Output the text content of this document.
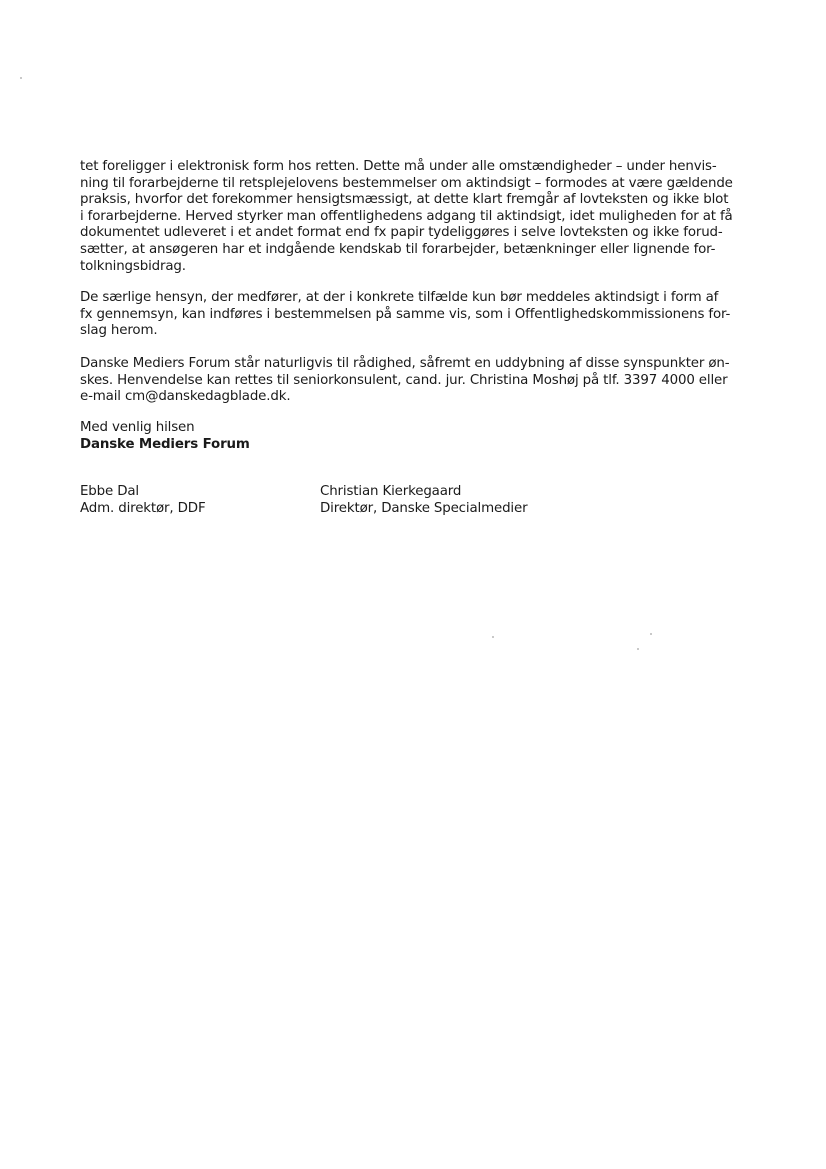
tet foreligger i elektronisk form hos retten. Dette må under alle omstændigheder – under henvis-
ning til forarbejderne til retsplejelovens bestemmelser om aktindsigt – formodes at være gældende
praksis, hvorfor det forekommer hensigtsmæssigt, at dette klart fremgår af lovteksten og ikke blot
i forarbejderne. Herved styrker man offentlighedens adgang til aktindsigt, idet muligheden for at få
dokumentet udleveret i et andet format end fx papir tydeliggøres i selve lovteksten og ikke forud-
sætter, at ansøgeren har et indgående kendskab til forarbejder, betænkninger eller lignende for-
tolkningsbidrag.
De særlige hensyn, der medfører, at der i konkrete tilfælde kun bør meddeles aktindsigt i form af
fx gennemsyn, kan indføres i bestemmelsen på samme vis, som i Offentlighedskommissionens for-
slag herom.
Danske Mediers Forum står naturligvis til rådighed, såfremt en uddybning af disse synspunkter øn-
skes. Henvendelse kan rettes til seniorkonsulent, cand. jur. Christina Moshøj på tlf. 3397 4000 eller
e-mail cm@danskedagblade.dk.
Med venlig hilsen
Danske Mediers Forum
Ebbe Dal
Adm. direktør, DDF
Christian Kierkegaard
Direktør, Danske Specialmedier
